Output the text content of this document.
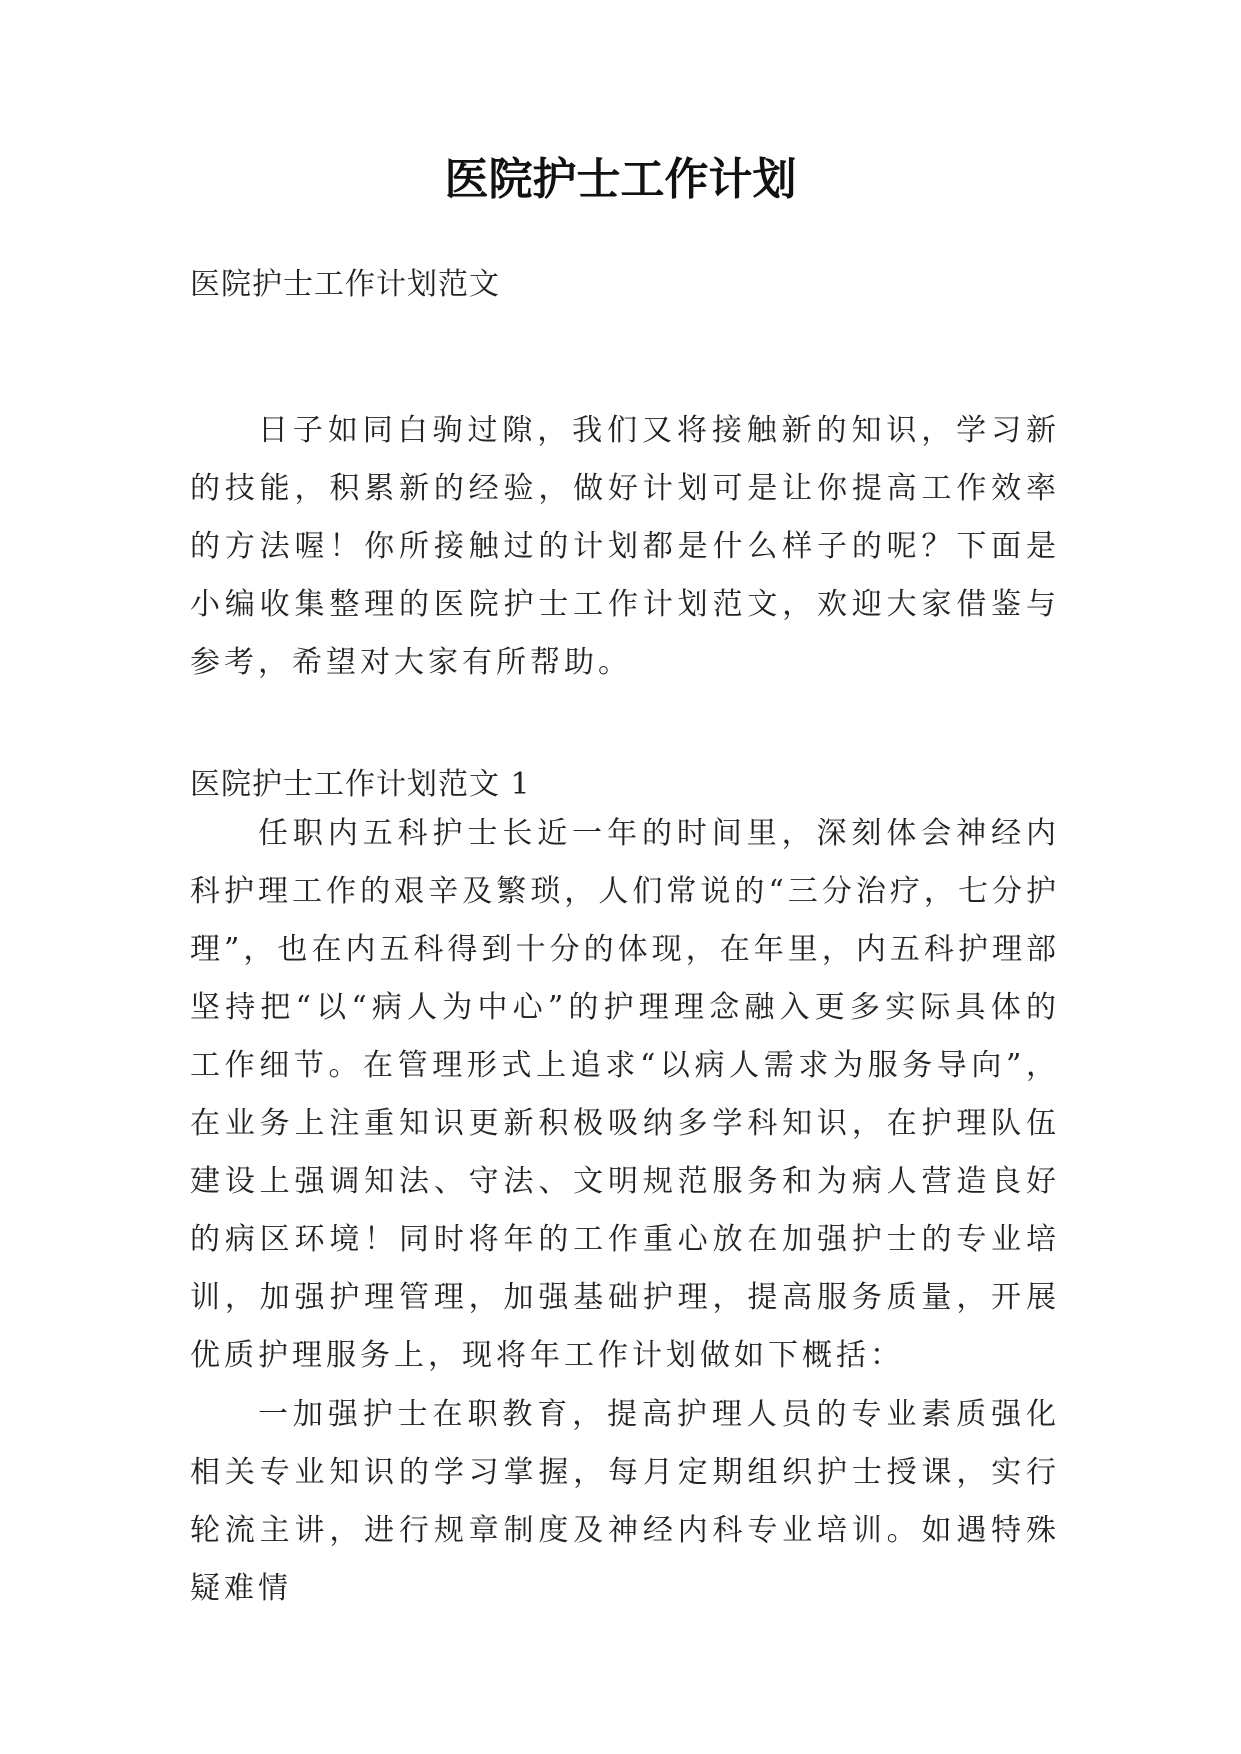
医院护士工作计划
医院护士工作计划范文
日子如同白驹过隙，我们又将接触新的知识，学习新的技能，积累新的经验，做好计划可是让你提高工作效率的方法喔！你所接触过的计划都是什么样子的呢？下面是小编收集整理的医院护士工作计划范文，欢迎大家借鉴与参考，希望对大家有所帮助。
医院护士工作计划范文 1
任职内五科护士长近一年的时间里，深刻体会神经内科护理工作的艰辛及繁琐，人们常说的“三分治疗，七分护理”，也在内五科得到十分的体现，在年里，内五科护理部坚持把“以“病人为中心”的护理理念融入更多实际具体的工作细节。在管理形式上追求“以病人需求为服务导向”，在业务上注重知识更新积极吸纳多学科知识，在护理队伍建设上强调知法、守法、文明规范服务和为病人营造良好的病区环境！同时将年的工作重心放在加强护士的专业培训，加强护理管理，加强基础护理，提高服务质量，开展优质护理服务上，现将年工作计划做如下概括：
一加强护士在职教育，提高护理人员的专业素质强化相关专业知识的学习掌握，每月定期组织护士授课，实行轮流主讲，进行规章制度及神经内科专业培训。如遇特殊疑难情
